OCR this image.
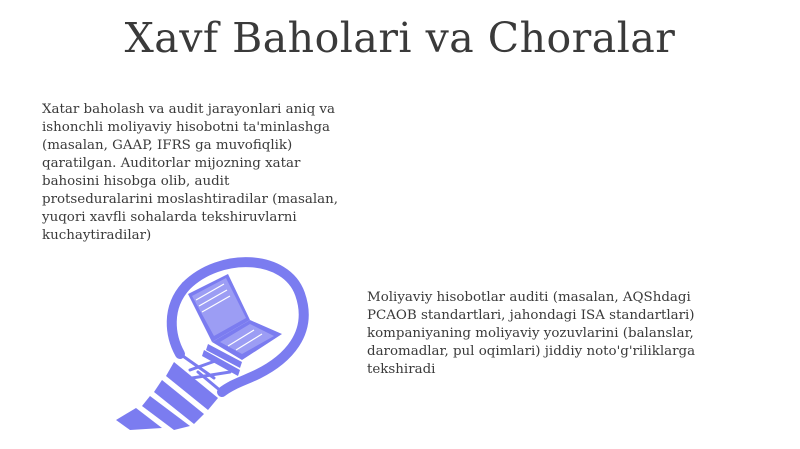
Xavf Baholari va Choralar

Xatar baholash va audit jarayonlari aniq va ishonchli moliyaviy hisobotni ta'minlashga (masalan, GAAP, IFRS ga muvofiqlik) qaratilgan. Auditorlar mijozning xatar bahosini hisobga olib, audit protseduralarini moslashtiradilar (masalan, yuqori xavfli sohalarda tekshiruvlarni kuchaytiradilar)

Moliyaviy hisobotlar auditi (masalan, AQShdagi PCAOB standartlari, jahondagi ISA standartlari) kompaniyaning moliyaviy yozuvlarini (balanslar, daromadlar, pul oqimlari) jiddiy noto'g'riliklarga tekshiradi
